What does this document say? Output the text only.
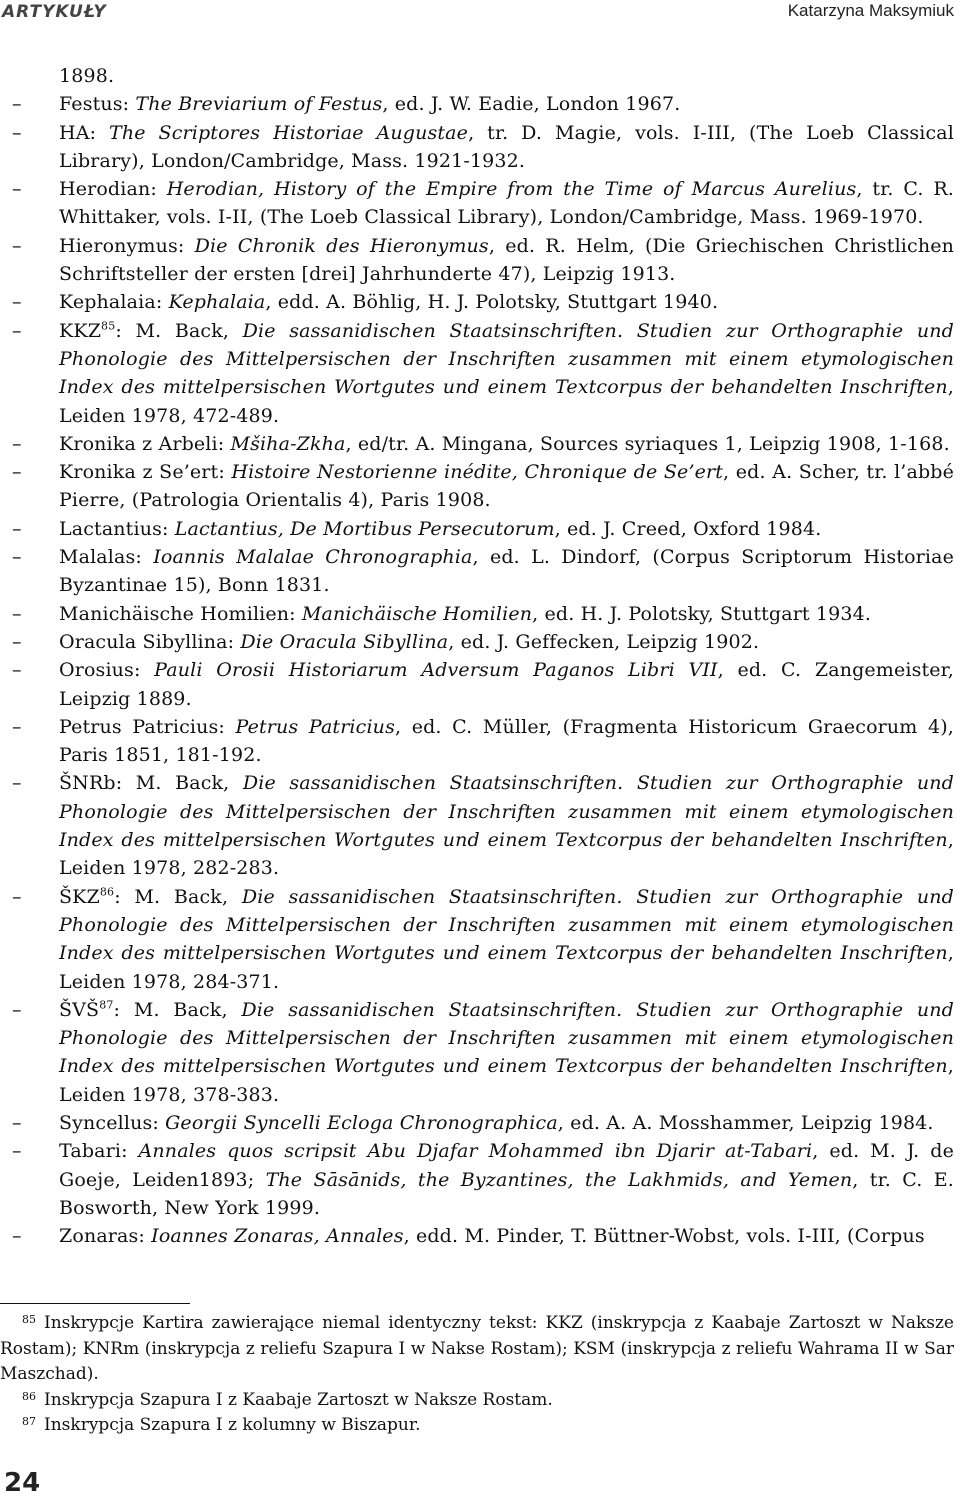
ARTYKUŁY	Katarzyna Maksymiuk
1898.
– Festus: The Breviarium of Festus, ed. J. W. Eadie, London 1967.
– HA: The Scriptores Historiae Augustae, tr. D. Magie, vols. I-III, (The Loeb Classical Library), London/Cambridge, Mass. 1921-1932.
– Herodian: Herodian, History of the Empire from the Time of Marcus Aurelius, tr. C. R. Whittaker, vols. I-II, (The Loeb Classical Library), London/Cambridge, Mass. 1969-1970.
– Hieronymus: Die Chronik des Hieronymus, ed. R. Helm, (Die Griechischen Christlichen Schriftsteller der ersten [drei] Jahrhunderte 47), Leipzig 1913.
– Kephalaia: Kephalaia, edd. A. Böhlig, H. J. Polotsky, Stuttgart 1940.
– KKZ$^{85}$: M. Back, Die sassanidischen Staatsinschriften. Studien zur Orthographie und Phonologie des Mittelpersischen der Inschriften zusammen mit einem etymologischen Index des mittelpersischen Wortgutes und einem Textcorpus der behandelten Inschriften, Leiden 1978, 472-489.
– Kronika z Arbeli: Mšiha-Zkha, ed/tr. A. Mingana, Sources syriaques 1, Leipzig 1908, 1-168.
– Kronika z Se’ert: Histoire Nestorienne inédite, Chronique de Se’ert, ed. A. Scher, tr. l’abbé Pierre, (Patrologia Orientalis 4), Paris 1908.
– Lactantius: Lactantius, De Mortibus Persecutorum, ed. J. Creed, Oxford 1984.
– Malalas: Ioannis Malalae Chronographia, ed. L. Dindorf, (Corpus Scriptorum Historiae Byzantinae 15), Bonn 1831.
– Manichäische Homilien: Manichäische Homilien, ed. H. J. Polotsky, Stuttgart 1934.
– Oracula Sibyllina: Die Oracula Sibyllina, ed. J. Geffecken, Leipzig 1902.
– Orosius: Pauli Orosii Historiarum Adversum Paganos Libri VII, ed. C. Zangemeister, Leipzig 1889.
– Petrus Patricius: Petrus Patricius, ed. C. Müller, (Fragmenta Historicum Graecorum 4), Paris 1851, 181-192.
– ŠNRb: M. Back, Die sassanidischen Staatsinschriften. Studien zur Orthographie und Phonologie des Mittelpersischen der Inschriften zusammen mit einem etymologischen Index des mittelpersischen Wortgutes und einem Textcorpus der behandelten Inschriften, Leiden 1978, 282-283.
– ŠKZ$^{86}$: M. Back, Die sassanidischen Staatsinschriften. Studien zur Orthographie und Phonologie des Mittelpersischen der Inschriften zusammen mit einem etymologischen Index des mittelpersischen Wortgutes und einem Textcorpus der behandelten Inschriften, Leiden 1978, 284-371.
– ŠVŠ$^{87}$: M. Back, Die sassanidischen Staatsinschriften. Studien zur Orthographie und Phonologie des Mittelpersischen der Inschriften zusammen mit einem etymologischen Index des mittelpersischen Wortgutes und einem Textcorpus der behandelten Inschriften, Leiden 1978, 378-383.
– Syncellus: Georgii Syncelli Ecloga Chronographica, ed. A. A. Mosshammer, Leipzig 1984.
– Tabari: Annales quos scripsit Abu Djafar Mohammed ibn Djarir at-Tabari, ed. M. J. de Goeje, Leiden1893; The Sāsānids, the Byzantines, the Lakhmids, and Yemen, tr. C. E. Bosworth, New York 1999.
– Zonaras: Ioannes Zonaras, Annales, edd. M. Pinder, T. Büttner-Wobst, vols. I-III, (Corpus
85 Inskrypcje Kartira zawierające niemal identyczny tekst: KKZ (inskrypcja z Kaabaje Zartoszt w Naksze Rostam); KNRm (inskrypcja z reliefu Szapura I w Nakse Rostam); KSM (inskrypcja z reliefu Wahrama II w Sar Maszchad).
86 Inskrypcja Szapura I z Kaabaje Zartoszt w Naksze Rostam.
87 Inskrypcja Szapura I z kolumny w Biszapur.
24
